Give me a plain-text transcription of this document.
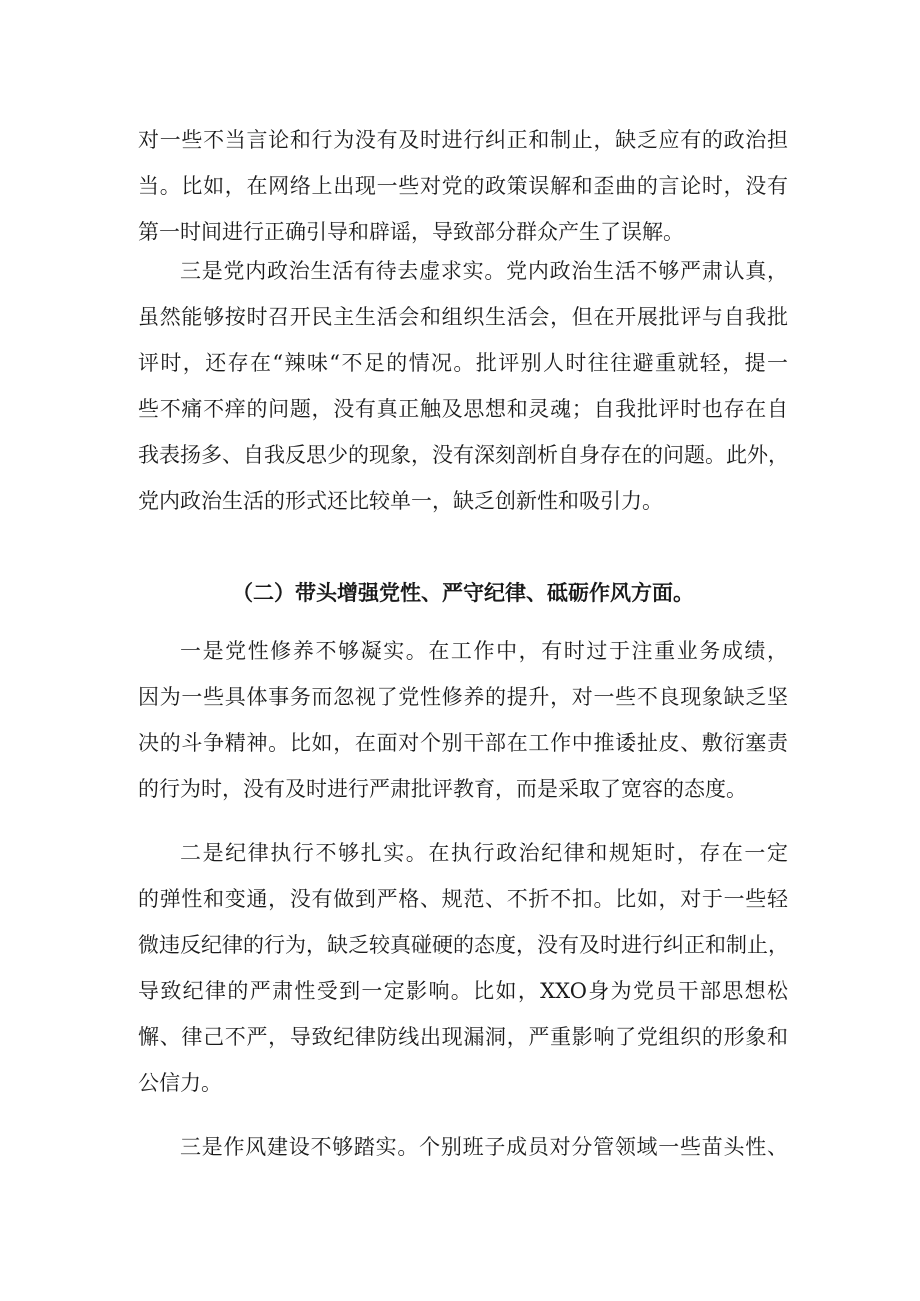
对一些不当言论和行为没有及时进行纠正和制止，缺乏应有的政治担
当。比如，在网络上出现一些对党的政策误解和歪曲的言论时，没有
第一时间进行正确引导和辟谣，导致部分群众产生了误解。
三是党内政治生活有待去虚求实。党内政治生活不够严肃认真，
虽然能够按时召开民主生活会和组织生活会，但在开展批评与自我批
评时，还存在“辣味“不足的情况。批评别人时往往避重就轻，提一
些不痛不痒的问题，没有真正触及思想和灵魂；自我批评时也存在自
我表扬多、自我反思少的现象，没有深刻剖析自身存在的问题。此外，
党内政治生活的形式还比较单一，缺乏创新性和吸引力。
（二）带头增强党性、严守纪律、砥砺作风方面。
一是党性修养不够凝实。在工作中，有时过于注重业务成绩，
因为一些具体事务而忽视了党性修养的提升，对一些不良现象缺乏坚
决的斗争精神。比如，在面对个别干部在工作中推诿扯皮、敷衍塞责
的行为时，没有及时进行严肃批评教育，而是采取了宽容的态度。
二是纪律执行不够扎实。在执行政治纪律和规矩时，存在一定
的弹性和变通，没有做到严格、规范、不折不扣。比如，对于一些轻
微违反纪律的行为，缺乏较真碰硬的态度，没有及时进行纠正和制止，
导致纪律的严肃性受到一定影响。比如，XXO身为党员干部思想松
懈、律己不严，导致纪律防线出现漏洞，严重影响了党组织的形象和
公信力。
三是作风建设不够踏实。个别班子成员对分管领域一些苗头性、
